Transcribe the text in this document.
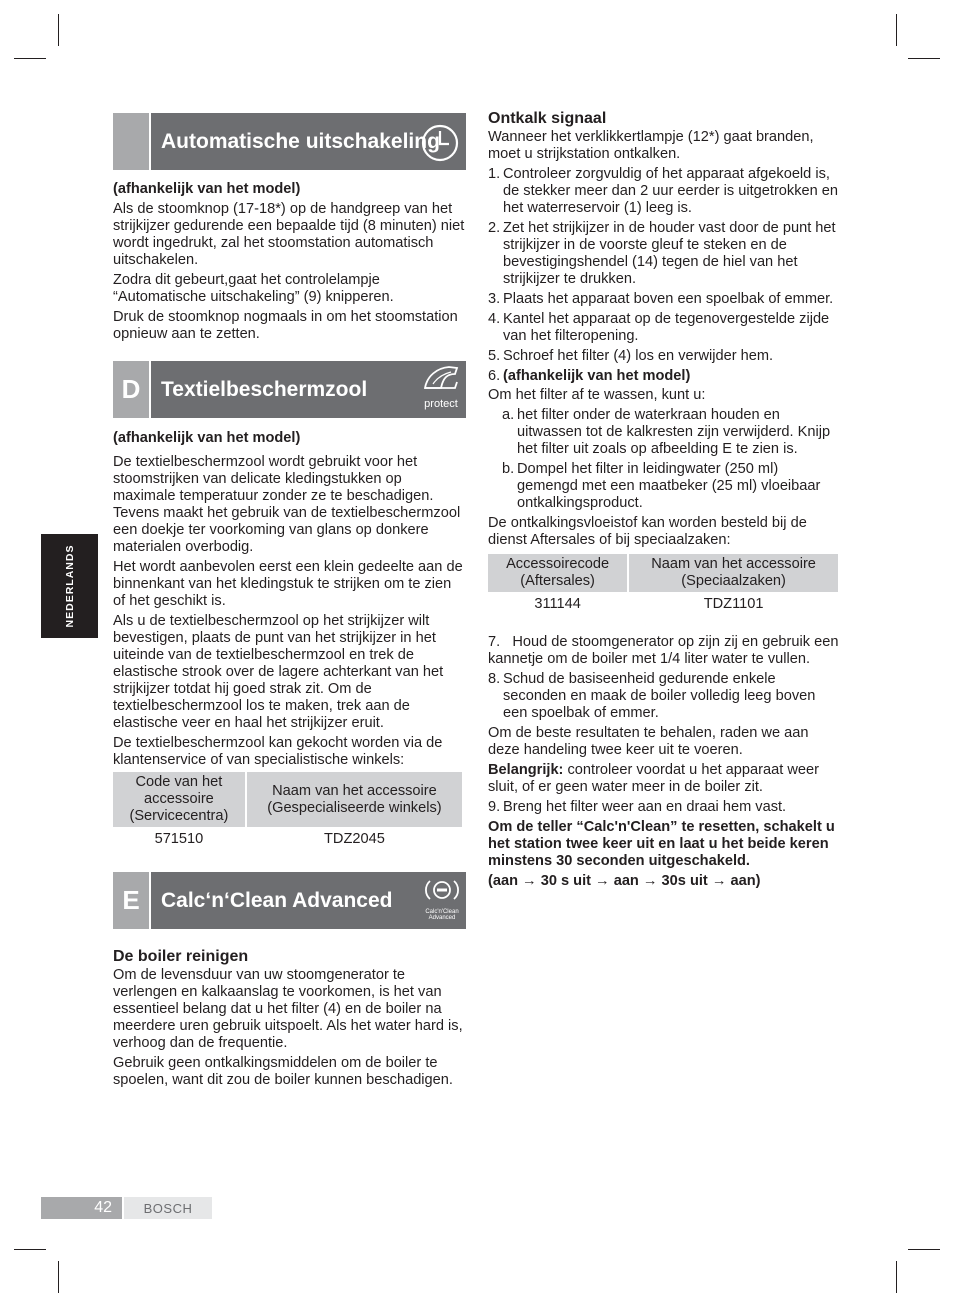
NEDERLANDS
Automatische uitschakeling

(afhankelijk van het model)

Als de stoomknop (17-18*) op de handgreep van het strijkijzer gedurende een bepaalde tijd (8 minuten) niet wordt ingedrukt, zal het stoomstation automatisch uitschakelen.

Zodra dit gebeurt,gaat het controlelampje “Automatische uitschakeling” (9) knipperen.

Druk de stoomknop nogmaals in om het stoomstation opnieuw aan te zetten.

D Textielbeschermzool
protect

(afhankelijk van het model)

De textielbeschermzool wordt gebruikt voor het stoomstrijken van delicate kledingstukken op maximale temperatuur zonder ze te beschadigen. Tevens maakt het gebruik van de textielbeschermzool een doekje ter voorkoming van glans op donkere materialen overbodig.

Het wordt aanbevolen eerst een klein gedeelte aan de binnenkant van het kledingstuk te strijken om te zien of het geschikt is.

Als u de textielbeschermzool op het strijkijzer wilt bevestigen, plaats de punt van het strijkijzer in het uiteinde van de textielbeschermzool en trek de elastische strook over de lagere achterkant van het strijkijzer totdat hij goed strak zit. Om de textielbeschermzool los te maken, trek aan de elastische veer en haal het strijkijzer eruit.

De textielbeschermzool kan gekocht worden via de klantenservice of van specialistische winkels:

Code van het accessoire (Servicecentra)	Naam van het accessoire (Gespecialiseerde winkels)
571510	TDZ2045
E	Calc‘n‘Clean Advanced	Calc'n'Clean
Advanced

De boiler reinigen

Om de levensduur van uw stoomgenerator te verlengen en kalkaanslag te voorkomen, is het van essentieel belang dat u het filter (4) en de boiler na meerdere uren gebruik uitspoelt. Als het water hard is, verhoog dan de frequentie.

Gebruik geen ontkalkingsmiddelen om de boiler te spoelen, want dit zou de boiler kunnen beschadigen.

Ontkalk signaal

Wanneer het verklikkertlampje (12*) gaat branden, moet u strijkstation ontkalken.

1. Controleer zorgvuldig of het apparaat afgekoeld is, de stekker meer dan 2 uur eerder is uitgetrokken en het waterreservoir (1) leeg is.
2. Zet het strijkijzer in de houder vast door de punt het strijkijzer in de voorste gleuf te steken en de bevestigingshendel (14) tegen de hiel van het strijkijzer te drukken.
3. Plaats het apparaat boven een spoelbak of emmer.
4. Kantel het apparaat op de tegenovergestelde zijde van het filteropening.
5. Schroef het filter (4) los en verwijder hem.
6. (afhankelijk van het model)

Om het filter af te wassen, kunt u:

a. het filter onder de waterkraan houden en uitwassen tot de kalkresten zijn verwijderd. Knijp het filter uit zoals op afbeelding E te zien is.
b. Dompel het filter in leidingwater (250 ml) gemengd met een maatbeker (25 ml) vloeibaar ontkalkingsproduct.

De ontkalkingsvloeistof kan worden besteld bij de dienst Aftersales of bij speciaalzaken:

Accessoirecode (Aftersales)	Naam van het accessoire (Speciaalzaken)
311144	TDZ1101

7. Houd de stoomgenerator op zijn zij en gebruik een kannetje om de boiler met 1/4 liter water te vullen.

8. Schud de basiseenheid gedurende enkele seconden en maak de boiler volledig leeg boven een spoelbak of emmer.

Om de beste resultaten te behalen, raden we aan deze handeling twee keer uit te voeren.

Belangrijk: controleer voordat u het apparaat weer sluit, of er geen water meer in de boiler zit.

9. Breng het filter weer aan en draai hem vast.

Om de teller “Calc'n'Clean” te resetten, schakelt u het station twee keer uit en laat u het beide keren minstens 30 seconden uitgeschakeld.

(aan → 30 s uit → aan → 30s uit → aan)

42 BOSCH
